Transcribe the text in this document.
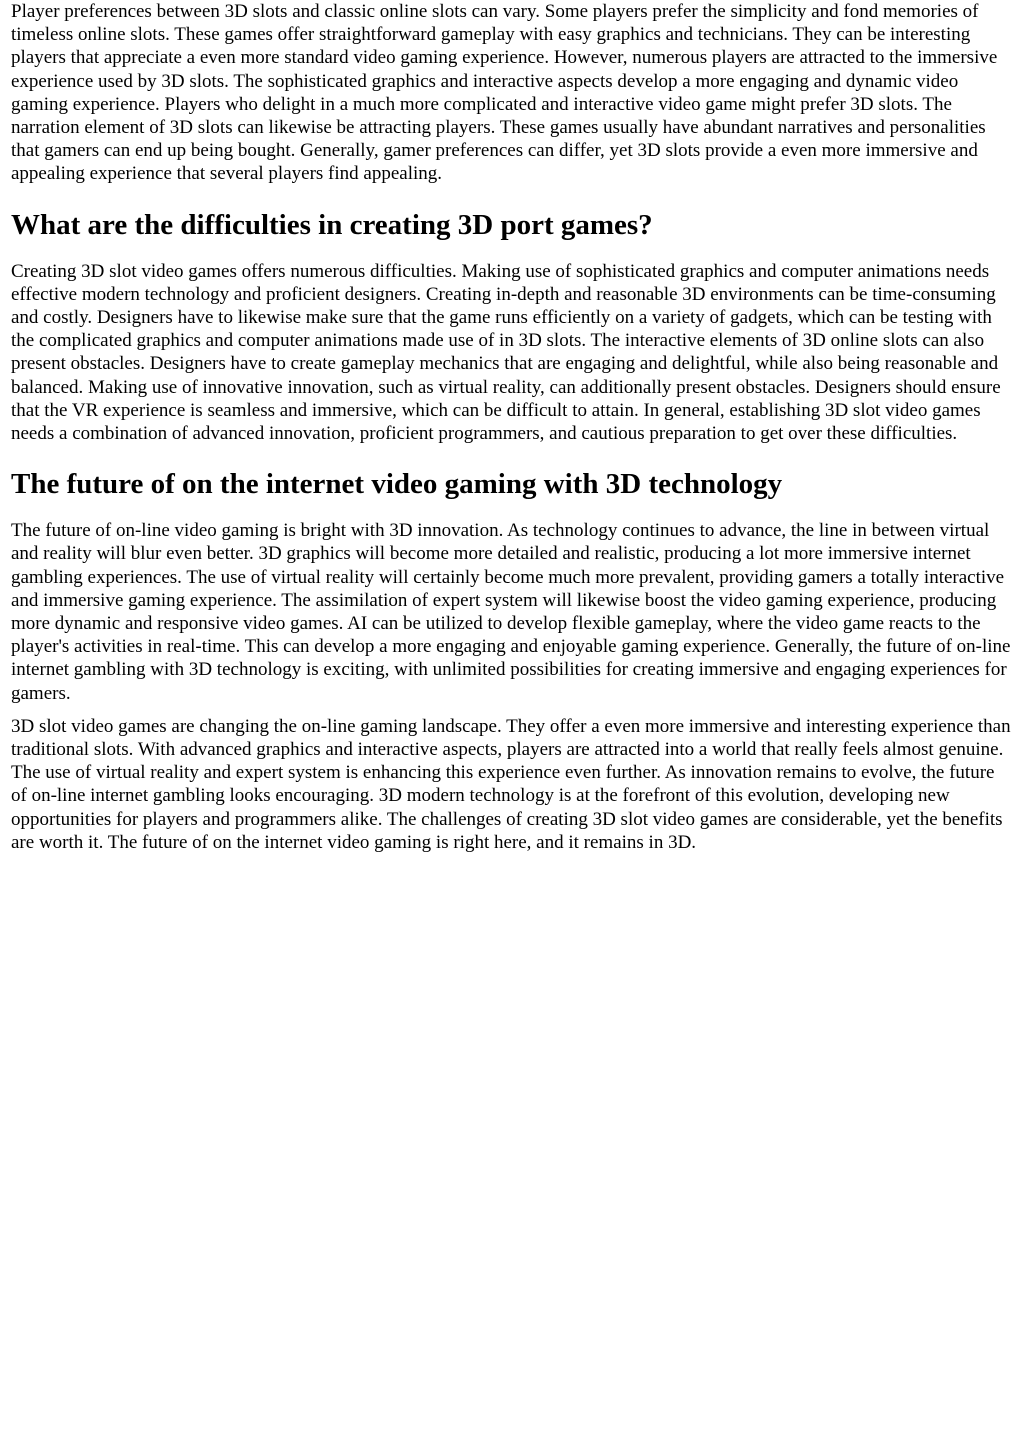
Player preferences between 3D slots and classic online slots can vary. Some players prefer the simplicity and fond memories of timeless online slots. These games offer straightforward gameplay with easy graphics and technicians. They can be interesting players that appreciate a even more standard video gaming experience. However, numerous players are attracted to the immersive experience used by 3D slots. The sophisticated graphics and interactive aspects develop a more engaging and dynamic video gaming experience. Players who delight in a much more complicated and interactive video game might prefer 3D slots. The narration element of 3D slots can likewise be attracting players. These games usually have abundant narratives and personalities that gamers can end up being bought. Generally, gamer preferences can differ, yet 3D slots provide a even more immersive and appealing experience that several players find appealing.

What are the difficulties in creating 3D port games?

Creating 3D slot video games offers numerous difficulties. Making use of sophisticated graphics and computer animations needs effective modern technology and proficient designers. Creating in-depth and reasonable 3D environments can be time-consuming and costly. Designers have to likewise make sure that the game runs efficiently on a variety of gadgets, which can be testing with the complicated graphics and computer animations made use of in 3D slots. The interactive elements of 3D online slots can also present obstacles. Designers have to create gameplay mechanics that are engaging and delightful, while also being reasonable and balanced. Making use of innovative innovation, such as virtual reality, can additionally present obstacles. Designers should ensure that the VR experience is seamless and immersive, which can be difficult to attain. In general, establishing 3D slot video games needs a combination of advanced innovation, proficient programmers, and cautious preparation to get over these difficulties.

The future of on the internet video gaming with 3D technology

The future of on-line video gaming is bright with 3D innovation. As technology continues to advance, the line in between virtual and reality will blur even better. 3D graphics will become more detailed and realistic, producing a lot more immersive internet gambling experiences. The use of virtual reality will certainly become much more prevalent, providing gamers a totally interactive and immersive gaming experience. The assimilation of expert system will likewise boost the video gaming experience, producing more dynamic and responsive video games. AI can be utilized to develop flexible gameplay, where the video game reacts to the player's activities in real-time. This can develop a more engaging and enjoyable gaming experience. Generally, the future of on-line internet gambling with 3D technology is exciting, with unlimited possibilities for creating immersive and engaging experiences for gamers.

3D slot video games are changing the on-line gaming landscape. They offer a even more immersive and interesting experience than traditional slots. With advanced graphics and interactive aspects, players are attracted into a world that really feels almost genuine. The use of virtual reality and expert system is enhancing this experience even further. As innovation remains to evolve, the future of on-line internet gambling looks encouraging. 3D modern technology is at the forefront of this evolution, developing new opportunities for players and programmers alike. The challenges of creating 3D slot video games are considerable, yet the benefits are worth it. The future of on the internet video gaming is right here, and it remains in 3D.
